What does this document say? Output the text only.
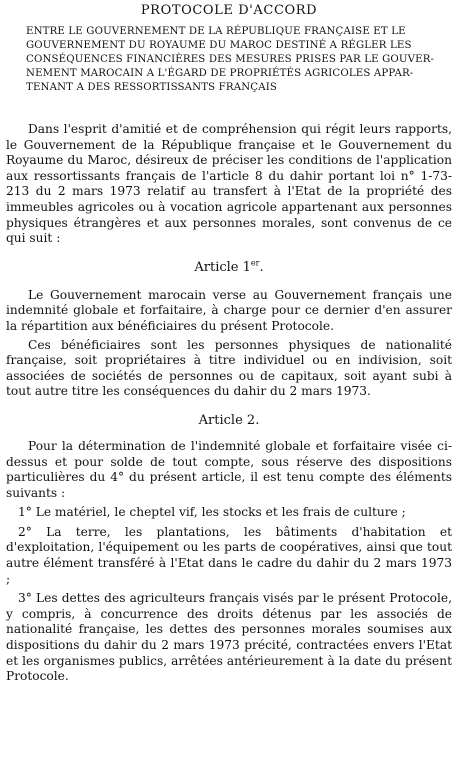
PROTOCOLE D'ACCORD

ENTRE LE GOUVERNEMENT DE LA RÉPUBLIQUE FRANÇAISE ET LE

GOUVERNEMENT DU ROYAUME DU MAROC DESTINÉ A RÉGLER LES

CONSÉQUENCES FINANCIÈRES DES MESURES PRISES PAR LE GOUVER-

NEMENT MAROCAIN A L'ÉGARD DE PROPRIÉTÉS AGRICOLES APPAR-

TENANT A DES RESSORTISSANTS FRANÇAIS

Dans l'esprit d'amitié et de compréhension qui régit leurs rapports, le Gouvernement de la République française et le Gouvernement du Royaume du Maroc, désireux de préciser les conditions de l'application aux ressortissants français de l'article 8 du dahir portant loi n° 1-73-213 du 2 mars 1973 relatif au transfert à l'Etat de la propriété des immeubles agricoles ou à vocation agricole appartenant aux personnes physiques étrangères et aux personnes morales, sont convenus de ce qui suit :

Article 1er.

Le Gouvernement marocain verse au Gouvernement français une indemnité globale et forfaitaire, à charge pour ce dernier d'en assurer la répartition aux bénéficiaires du présent Protocole.

Ces bénéficiaires sont les personnes physiques de nationalité française, soit propriétaires à titre individuel ou en indivision, soit associées de sociétés de personnes ou de capitaux, soit ayant subi à tout autre titre les conséquences du dahir du 2 mars 1973.

Article 2.

Pour la détermination de l'indemnité globale et forfaitaire visée ci-dessus et pour solde de tout compte, sous réserve des dispositions particulières du 4° du présent article, il est tenu compte des éléments suivants :

1° Le matériel, le cheptel vif, les stocks et les frais de culture ;

2° La terre, les plantations, les bâtiments d'habitation et d'exploitation, l'équipement ou les parts de coopératives, ainsi que tout autre élément transféré à l'Etat dans le cadre du dahir du 2 mars 1973 ;

3° Les dettes des agriculteurs français visés par le présent Protocole, y compris, à concurrence des droits détenus par les associés de nationalité française, les dettes des personnes morales soumises aux dispositions du dahir du 2 mars 1973 précité, contractées envers l'Etat et les organismes publics, arrêtées antérieurement à la date du présent Protocole.
